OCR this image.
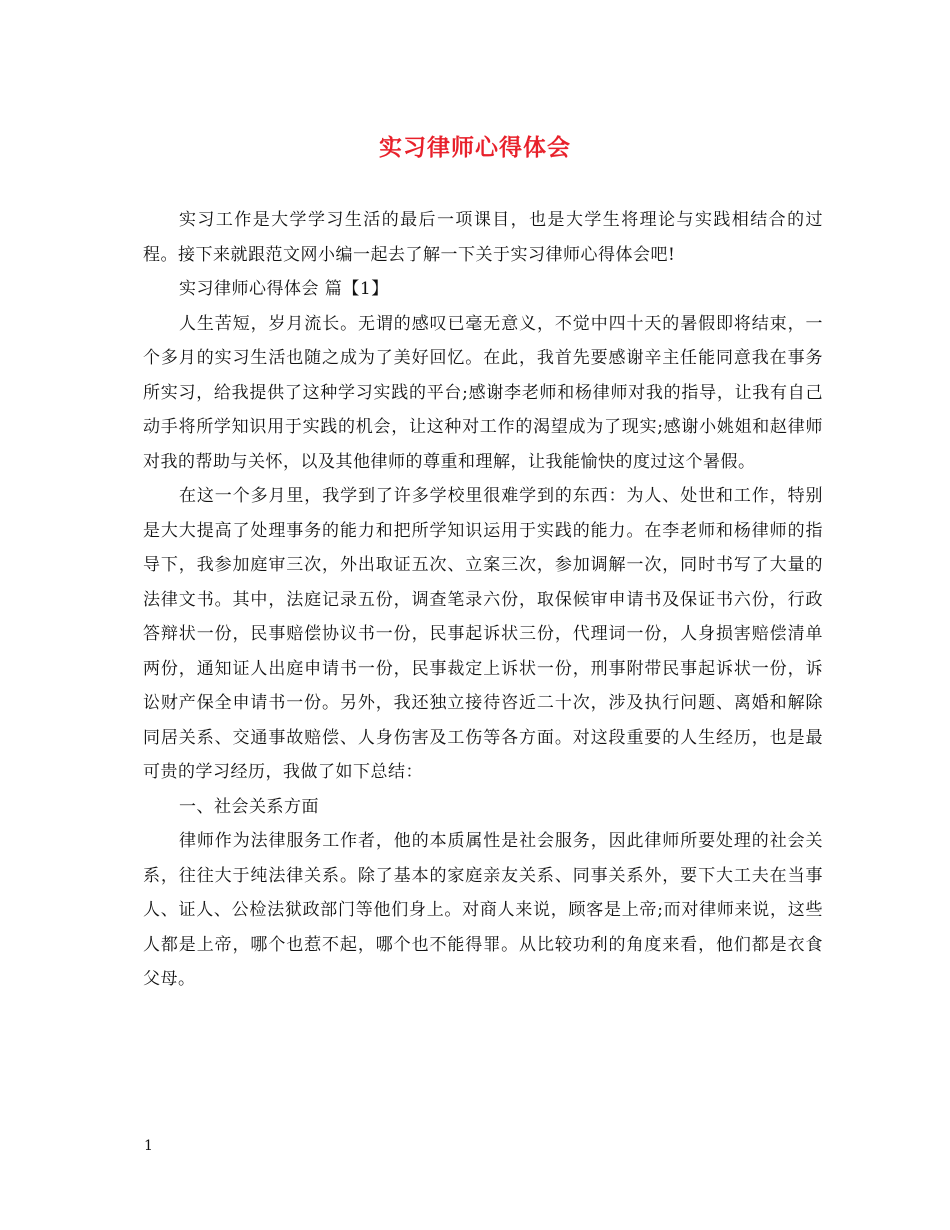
实习律师心得体会

实习工作是大学学习生活的最后一项课目，也是大学生将理论与实践相结合的过程。接下来就跟范文网小编一起去了解一下关于实习律师心得体会吧!

实习律师心得体会 篇【1】

人生苦短，岁月流长。无谓的感叹已毫无意义，不觉中四十天的暑假即将结束，一个多月的实习生活也随之成为了美好回忆。在此，我首先要感谢辛主任能同意我在事务所实习，给我提供了这种学习实践的平台;感谢李老师和杨律师对我的指导，让我有自己动手将所学知识用于实践的机会，让这种对工作的渴望成为了现实;感谢小姚姐和赵律师对我的帮助与关怀，以及其他律师的尊重和理解，让我能愉快的度过这个暑假。

在这一个多月里，我学到了许多学校里很难学到的东西：为人、处世和工作，特别是大大提高了处理事务的能力和把所学知识运用于实践的能力。在李老师和杨律师的指导下，我参加庭审三次，外出取证五次、立案三次，参加调解一次，同时书写了大量的法律文书。其中，法庭记录五份，调查笔录六份，取保候审申请书及保证书六份，行政答辩状一份，民事赔偿协议书一份，民事起诉状三份，代理词一份，人身损害赔偿清单两份，通知证人出庭申请书一份，民事裁定上诉状一份，刑事附带民事起诉状一份，诉讼财产保全申请书一份。另外，我还独立接待咨近二十次，涉及执行问题、离婚和解除同居关系、交通事故赔偿、人身伤害及工伤等各方面。对这段重要的人生经历，也是最可贵的学习经历，我做了如下总结：

一、社会关系方面

律师作为法律服务工作者，他的本质属性是社会服务，因此律师所要处理的社会关系，往往大于纯法律关系。除了基本的家庭亲友关系、同事关系外，要下大工夫在当事人、证人、公检法狱政部门等他们身上。对商人来说，顾客是上帝;而对律师来说，这些人都是上帝，哪个也惹不起，哪个也不能得罪。从比较功利的角度来看，他们都是衣食父母。

1
